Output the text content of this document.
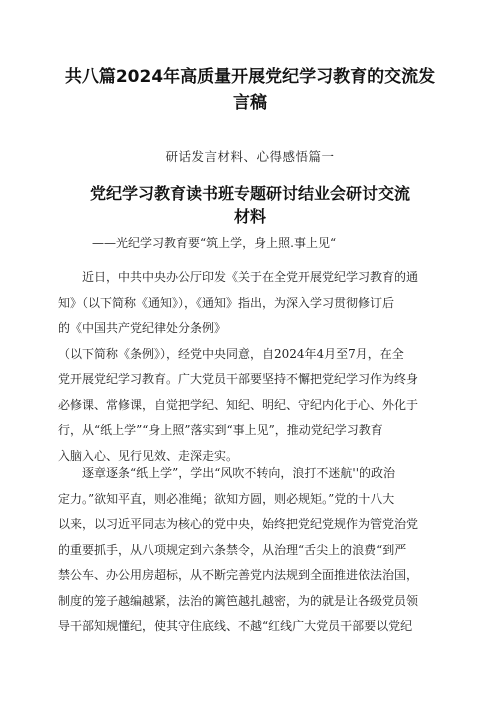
共八篇2024年高质量开展党纪学习教育的交流发
言稿
研话发言材料、心得感悟篇一
党纪学习教育读书班专题研讨结业会研讨交流
材料
——光纪学习教育要“筑上学，身上照.事上见“
近日，中共中央办公厅印发《关于在全党开展党纪学习教育的通
知》（以下简称《通知》），《通知》指出，为深入学习贯彻修订后
的《中国共产党纪律处分条例》
（以下简称《条例》），经党中央同意，自2024年4月至7月，在全
党开展党纪学习教育。广大党员干部要坚持不懈把党纪学习作为终身
必修课、常修课，自觉把学纪、知纪、明纪、守纪内化于心、外化于
行，从“纸上学”“身上照”落实到“事上见”，推动党纪学习教育
入脑入心、见行见效、走深走实。
逐章逐条“纸上学”，学出“风吹不转向，浪打不迷航''的政治
定力。”欲知平直，则必准绳；欲知方圆，则必规矩。”党的十八大
以来，以习近平同志为核心的党中央，始终把党纪党规作为管党治党
的重要抓手，从八项规定到六条禁令，从治理“舌尖上的浪费“到严
禁公车、办公用房超标，从不断完善党内法规到全面推进依法治国，
制度的笼子越编越紧，法治的篱笆越扎越密，为的就是让各级党员领
导干部知规懂纪，使其守住底线、不越“红线广大党员干部要以党纪
